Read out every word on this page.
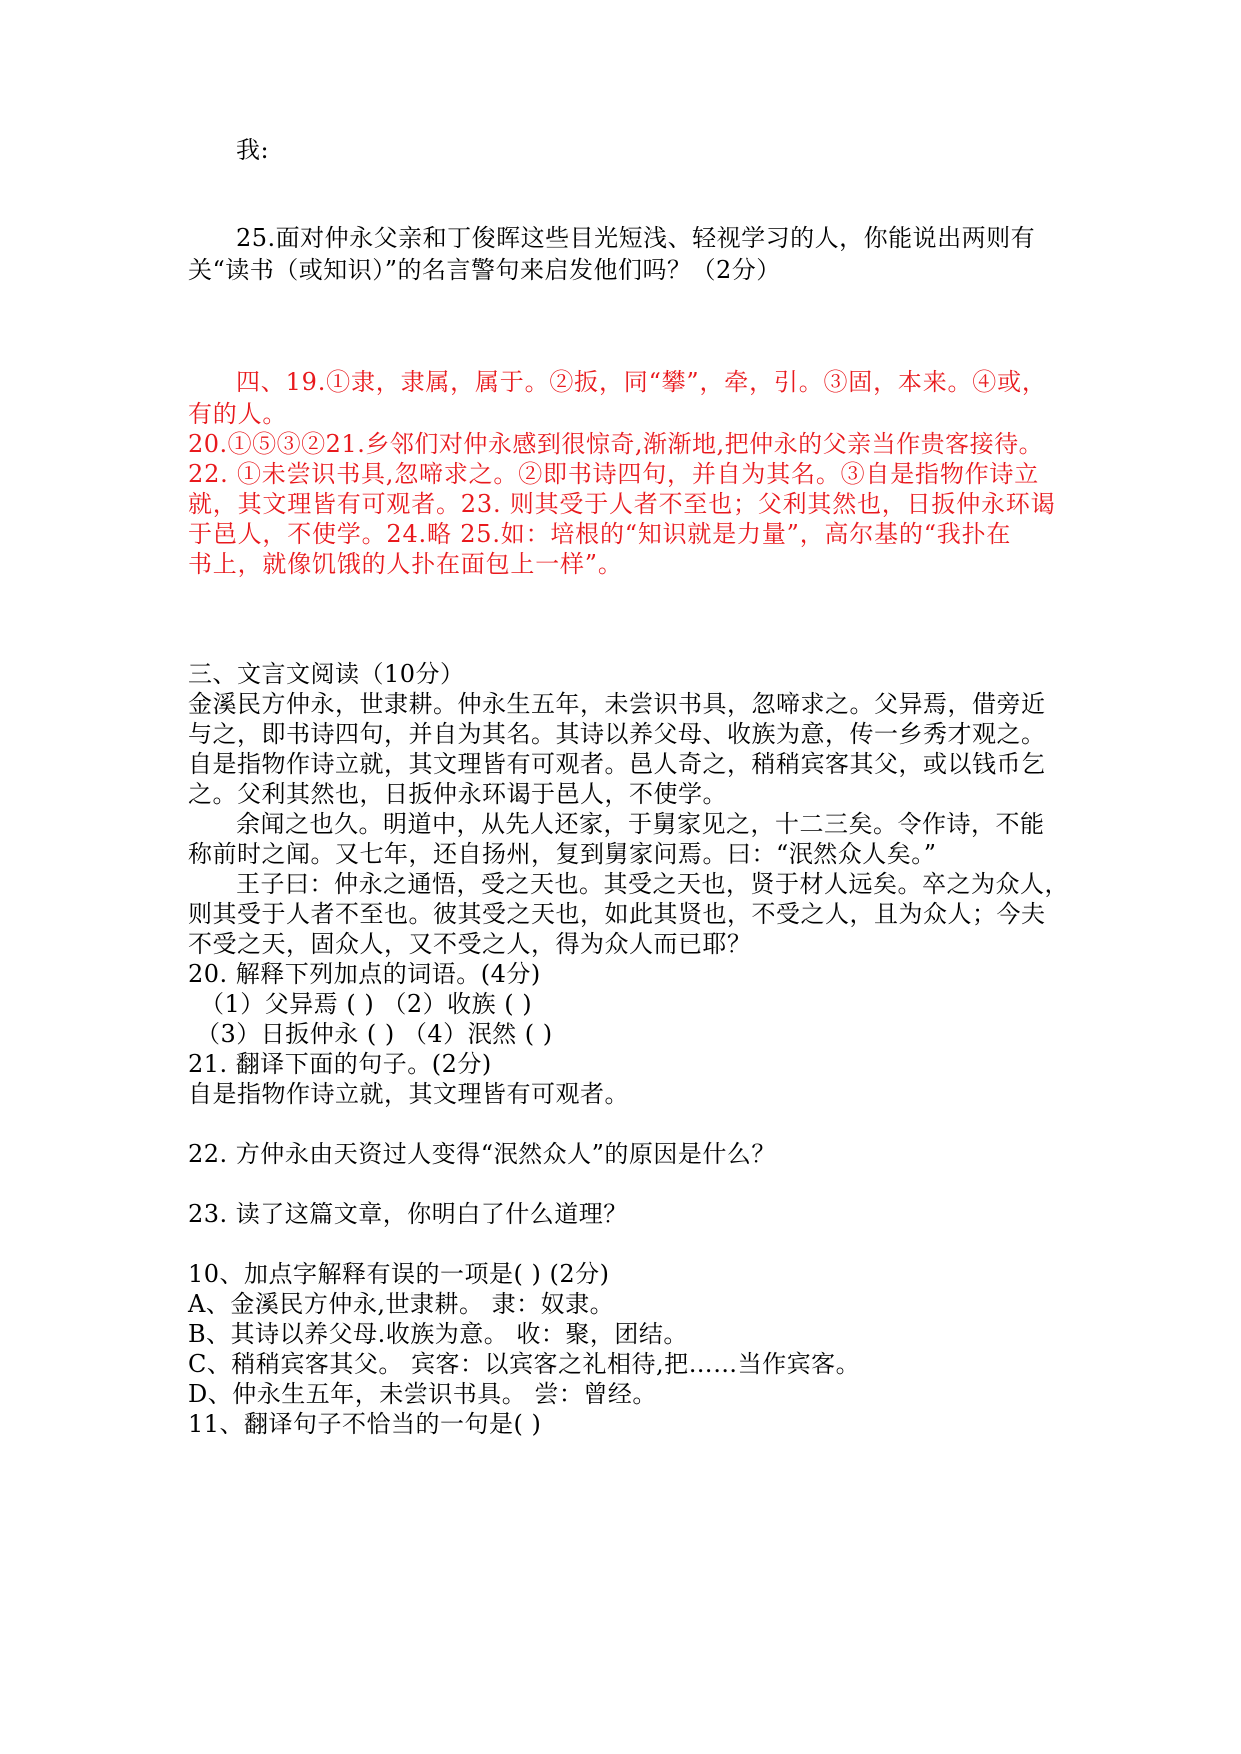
我:
25.面对仲永父亲和丁俊晖这些目光短浅、轻视学习的人，你能说出两则有
关“读书（或知识）”的名言警句来启发他们吗？（2分）
四、19.①隶，隶属，属于。②扳，同“攀”，牵，引。③固，本来。④或，
有的人。
20.①⑤③②21.乡邻们对仲永感到很惊奇,渐渐地,把仲永的父亲当作贵客接待。
22. ①未尝识书具,忽啼求之。②即书诗四句，并自为其名。③自是指物作诗立
就，其文理皆有可观者。23. 则其受于人者不至也；父利其然也，日扳仲永环谒
于邑人，不使学。24.略 25.如：培根的“知识就是力量”，高尔基的“我扑在
书上，就像饥饿的人扑在面包上一样”。
三、文言文阅读（10分）
金溪民方仲永，世隶耕。仲永生五年，未尝识书具，忽啼求之。父异焉，借旁近
与之，即书诗四句，并自为其名。其诗以养父母、收族为意，传一乡秀才观之。
自是指物作诗立就，其文理皆有可观者。邑人奇之，稍稍宾客其父，或以钱币乞
之。父利其然也，日扳仲永环谒于邑人，不使学。
余闻之也久。明道中，从先人还家，于舅家见之，十二三矣。令作诗，不能
称前时之闻。又七年，还自扬州，复到舅家问焉。曰：“泯然众人矣。”
王子曰：仲永之通悟，受之天也。其受之天也，贤于材人远矣。卒之为众人，
则其受于人者不至也。彼其受之天也，如此其贤也，不受之人，且为众人；今夫
不受之天，固众人，又不受之人，得为众人而已耶？
20. 解释下列加点的词语。(4分)
（1）父异焉 ( ) （2）收族 ( )
（3）日扳仲永 ( ) （4）泯然 ( )
21. 翻译下面的句子。(2分)
自是指物作诗立就，其文理皆有可观者。
22. 方仲永由天资过人变得“泯然众人”的原因是什么？
23. 读了这篇文章，你明白了什么道理？
10、加点字解释有误的一项是( ) (2分)
A、金溪民方仲永,世隶耕。 隶：奴隶。
B、其诗以养父母.收族为意。 收：聚，团结。
C、稍稍宾客其父。 宾客：以宾客之礼相待,把……当作宾客。
D、仲永生五年，未尝识书具。 尝：曾经。
11、翻译句子不恰当的一句是( )
